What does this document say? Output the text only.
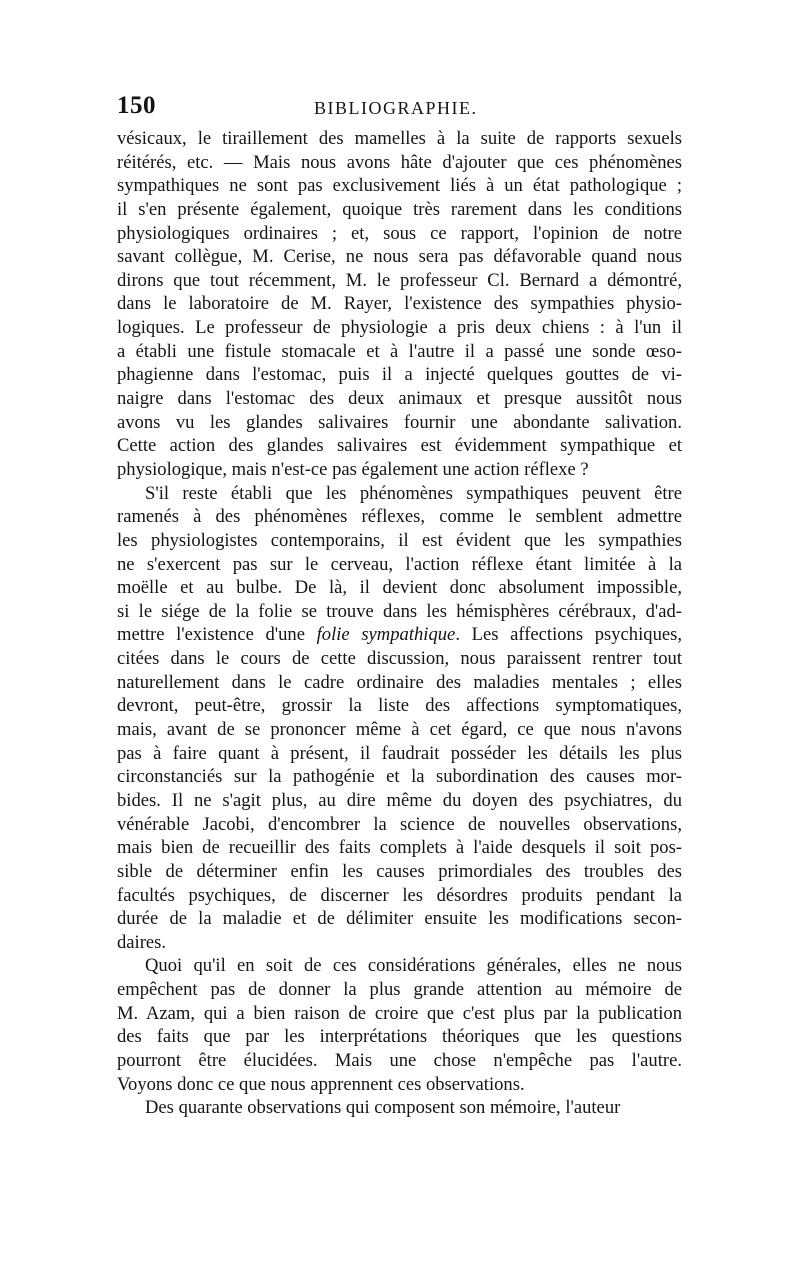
150	BIBLIOGRAPHIE.
vésicaux, le tiraillement des mamelles à la suite de rapports sexuels
réitérés, etc. — Mais nous avons hâte d'ajouter que ces phénomènes
sympathiques ne sont pas exclusivement liés à un état pathologique ;
il s'en présente également, quoique très rarement dans les conditions
physiologiques ordinaires ; et, sous ce rapport, l'opinion de notre
savant collègue, M. Cerise, ne nous sera pas défavorable quand nous
dirons que tout récemment, M. le professeur Cl. Bernard a démontré,
dans le laboratoire de M. Rayer, l'existence des sympathies physio-
logiques. Le professeur de physiologie a pris deux chiens : à l'un il
a établi une fistule stomacale et à l'autre il a passé une sonde œso-
phagienne dans l'estomac, puis il a injecté quelques gouttes de vi-
naigre dans l'estomac des deux animaux et presque aussitôt nous
avons vu les glandes salivaires fournir une abondante salivation.
Cette action des glandes salivaires est évidemment sympathique et
physiologique, mais n'est-ce pas également une action réflexe ?
S'il reste établi que les phénomènes sympathiques peuvent être
ramenés à des phénomènes réflexes, comme le semblent admettre
les physiologistes contemporains, il est évident que les sympathies
ne s'exercent pas sur le cerveau, l'action réflexe étant limitée à la
moëlle et au bulbe. De là, il devient donc absolument impossible,
si le siége de la folie se trouve dans les hémisphères cérébraux, d'ad-
mettre l'existence d'une folie sympathique. Les affections psychiques,
citées dans le cours de cette discussion, nous paraissent rentrer tout
naturellement dans le cadre ordinaire des maladies mentales ; elles
devront, peut-être, grossir la liste des affections symptomatiques,
mais, avant de se prononcer même à cet égard, ce que nous n'avons
pas à faire quant à présent, il faudrait posséder les détails les plus
circonstanciés sur la pathogénie et la subordination des causes mor-
bides. Il ne s'agit plus, au dire même du doyen des psychiatres, du
vénérable Jacobi, d'encombrer la science de nouvelles observations,
mais bien de recueillir des faits complets à l'aide desquels il soit pos-
sible de déterminer enfin les causes primordiales des troubles des
facultés psychiques, de discerner les désordres produits pendant la
durée de la maladie et de délimiter ensuite les modifications secon-
daires.
Quoi qu'il en soit de ces considérations générales, elles ne nous
empêchent pas de donner la plus grande attention au mémoire de
M. Azam, qui a bien raison de croire que c'est plus par la publication
des faits que par les interprétations théoriques que les questions
pourront être élucidées. Mais une chose n'empêche pas l'autre.
Voyons donc ce que nous apprennent ces observations.
Des quarante observations qui composent son mémoire, l'auteur
